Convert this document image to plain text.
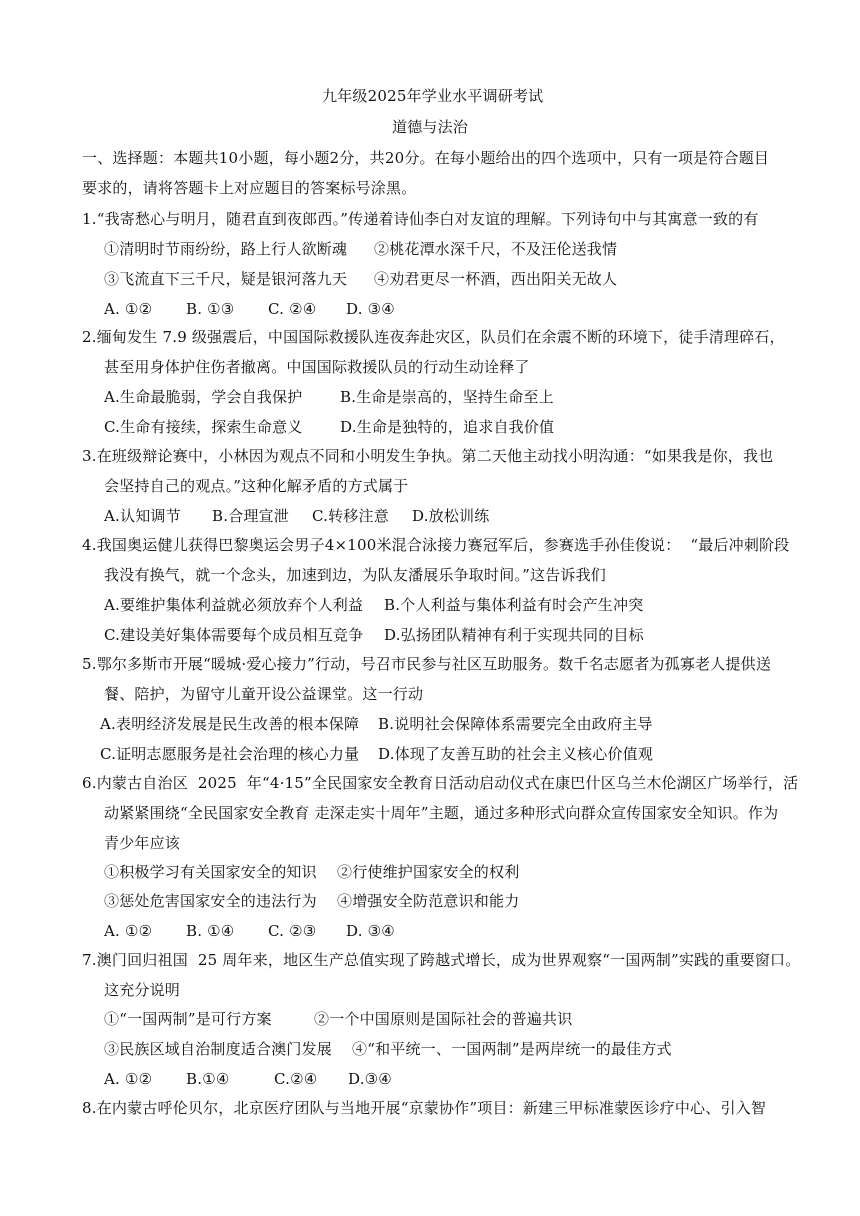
九年级2025年学业水平调研考试
道德与法治
一、选择题：本题共10小题，每小题2分，共20分。在每小题给出的四个选项中，只有一项是符合题目
要求的，请将答题卡上对应题目的答案标号涂黑。
1.“我寄愁心与明月，随君直到夜郎西。”传递着诗仙李白对友谊的理解。下列诗句中与其寓意一致的有
①清明时节雨纷纷，路上行人欲断魂 ②桃花潭水深千尺，不及汪伦送我情
③飞流直下三千尺，疑是银河落九天 ④劝君更尽一杯酒，西出阳关无故人
A. ①② B. ①③ C. ②④ D. ③④
2.缅甸发生 7.9 级强震后，中国国际救援队连夜奔赴灾区，队员们在余震不断的环境下，徒手清理碎石，
甚至用身体护住伤者撤离。中国国际救援队员的行动生动诠释了
A.生命最脆弱，学会自我保护	B.生命是崇高的，坚持生命至上
C.生命有接续，探索生命意义 D.生命是独特的，追求自我价值
3.在班级辩论赛中，小林因为观点不同和小明发生争执。第二天他主动找小明沟通：“如果我是你，我也
会坚持自己的观点。”这种化解矛盾的方式属于
A.认知调节 B.合理宣泄 C.转移注意 D.放松训练
4.我国奥运健儿获得巴黎奥运会男子4×100米混合泳接力赛冠军后，参赛选手孙佳俊说：  “最后冲刺阶段
我没有换气，就一个念头，加速到边，为队友潘展乐争取时间。”这告诉我们
A.要维护集体利益就必须放弃个人利益 B.个人利益与集体利益有时会产生冲突
C.建设美好集体需要每个成员相互竞争 D.弘扬团队精神有利于实现共同的目标
5.鄂尔多斯市开展“暖城·爱心接力”行动，号召市民参与社区互助服务。数千名志愿者为孤寡老人提供送
餐、陪护，为留守儿童开设公益课堂。这一行动
A.表明经济发展是民生改善的根本保障 B.说明社会保障体系需要完全由政府主导
C.证明志愿服务是社会治理的核心力量 D.体现了友善互助的社会主义核心价值观
6.内蒙古自治区  2025  年“4·15”全民国家安全教育日活动启动仪式在康巴什区乌兰木伦湖区广场举行，活
动紧紧围绕“全民国家安全教育 走深走实十周年”主题，通过多种形式向群众宣传国家安全知识。作为
青少年应该
①积极学习有关国家安全的知识 ②行使维护国家安全的权利
③惩处危害国家安全的违法行为 ④增强安全防范意识和能力
A. ①② B. ①④ C. ②③ D. ③④
7.澳门回归祖国  25 周年来，地区生产总值实现了跨越式增长，成为世界观察“一国两制”实践的重要窗口。
这充分说明
①“一国两制”是可行方案	②一个中国原则是国际社会的普遍共识
③民族区域自治制度适合澳门发展 ④“和平统一、一国两制”是两岸统一的最佳方式
A. ①② B.①④	C.②④ D.③④
8.在内蒙古呼伦贝尔，北京医疗团队与当地开展“京蒙协作”项目：新建三甲标准蒙医诊疗中心、引入智
